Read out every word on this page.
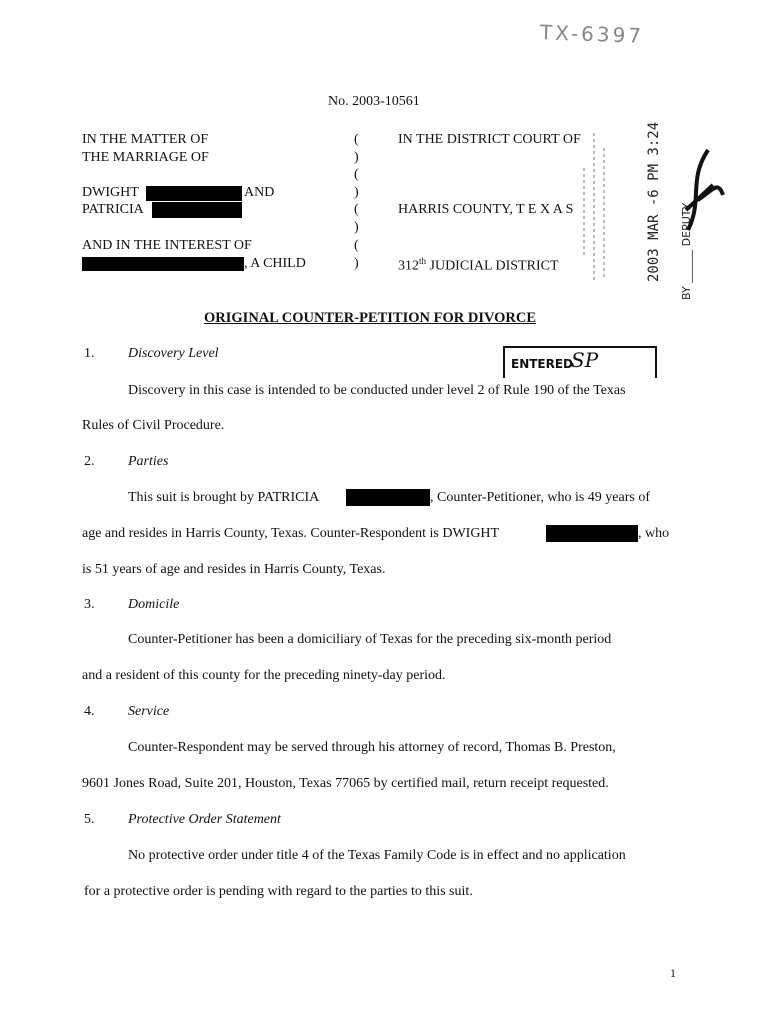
TX-6397
No. 2003-10561
IN THE MATTER OF
THE MARRIAGE OF
DWIGHT	AND
PATRICIA
AND IN THE INTEREST OF
, A CHILD
(
)
(
)
(
)
(
)
IN THE DISTRICT COURT OF
HARRIS COUNTY, T E X A S
312th JUDICIAL DISTRICT	2003 MAR -6 PM 3:24
BY ______ DEPUTY
ORIGINAL COUNTER-PETITION FOR DIVORCE
ENTERED
SP
1. Discovery Level
Discovery in this case is intended to be conducted under level 2 of Rule 190 of the Texas
Rules of Civil Procedure.
2. Parties
This suit is brought by PATRICIA	, Counter-Petitioner, who is 49 years of
age and resides in Harris County, Texas. Counter-Respondent is DWIGHT	, who
is 51 years of age and resides in Harris County, Texas.
3. Domicile
Counter-Petitioner has been a domiciliary of Texas for the preceding six-month period
and a resident of this county for the preceding ninety-day period.
4. Service
Counter-Respondent may be served through his attorney of record, Thomas B. Preston,
9601 Jones Road, Suite 201, Houston, Texas 77065 by certified mail, return receipt requested.
5. Protective Order Statement
No protective order under title 4 of the Texas Family Code is in effect and no application
for a protective order is pending with regard to the parties to this suit.
1
